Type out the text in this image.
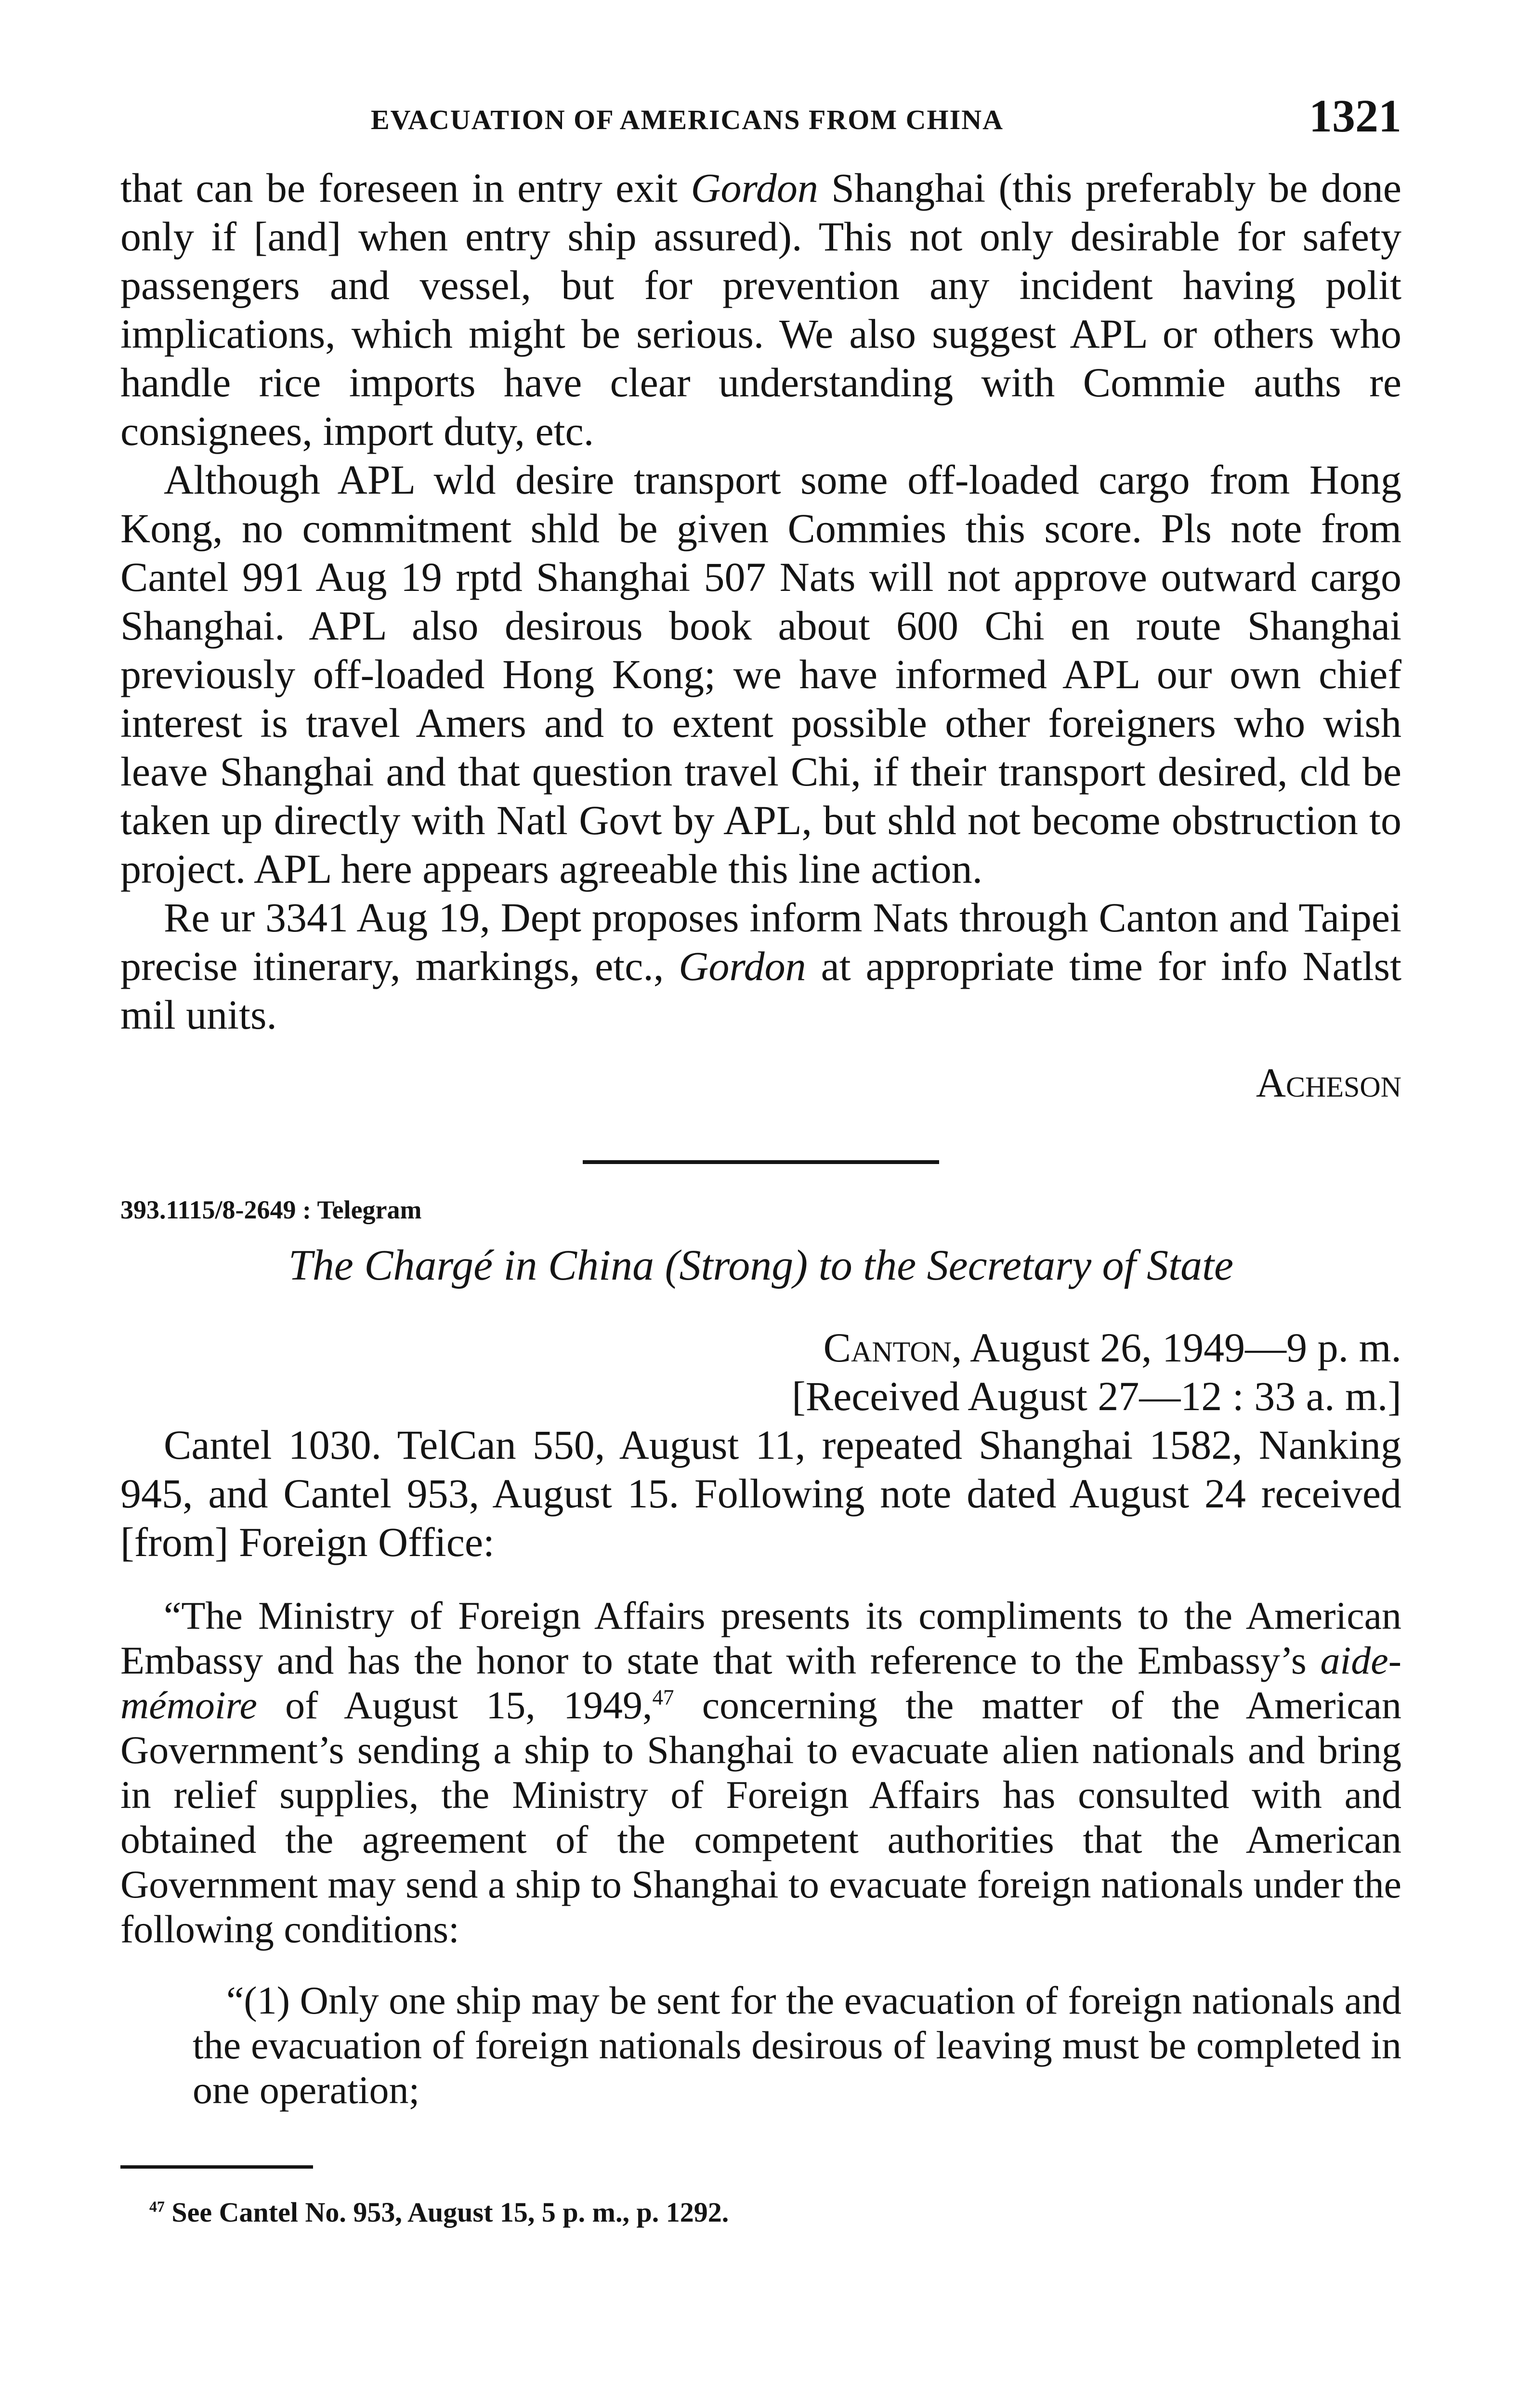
EVACUATION OF AMERICANS FROM CHINA	1321

that can be foreseen in entry exit Gordon Shanghai (this preferably be done only if [and] when entry ship assured). This not only desirable for safety passengers and vessel, but for prevention any incident having polit implications, which might be serious. We also suggest APL or others who handle rice imports have clear understanding with Commie auths re consignees, import duty, etc.

Although APL wld desire transport some off-loaded cargo from Hong Kong, no commitment shld be given Commies this score. Pls note from Cantel 991 Aug 19 rptd Shanghai 507 Nats will not approve outward cargo Shanghai. APL also desirous book about 600 Chi en route Shanghai previously off-loaded Hong Kong; we have informed APL our own chief interest is travel Amers and to extent possible other foreigners who wish leave Shanghai and that question travel Chi, if their transport desired, cld be taken up directly with Natl Govt by APL, but shld not become obstruction to project. APL here appears agreeable this line action.

Re ur 3341 Aug 19, Dept proposes inform Nats through Canton and Taipei precise itinerary, markings, etc., Gordon at appropriate time for info Natlst mil units.

Acheson

393.1115/8-2649 : Telegram

The Chargé in China (Strong) to the Secretary of State

Canton, August 26, 1949—9 p. m.

[Received August 27—12 : 33 a. m.]

Cantel 1030. TelCan 550, August 11, repeated Shanghai 1582, Nanking 945, and Cantel 953, August 15. Following note dated August 24 received [from] Foreign Office:

“The Ministry of Foreign Affairs presents its compliments to the American Embassy and has the honor to state that with reference to the Embassy’s aide-mémoire of August 15, 1949,47 concerning the matter of the American Government’s sending a ship to Shanghai to evacuate alien nationals and bring in relief supplies, the Ministry of Foreign Affairs has consulted with and obtained the agreement of the competent authorities that the American Government may send a ship to Shanghai to evacuate foreign nationals under the following conditions:

“(1) Only one ship may be sent for the evacuation of foreign nationals and the evacuation of foreign nationals desirous of leaving must be completed in one operation;

$^{47}$ See Cantel No. 953, August 15, 5 p. m., p. 1292.
